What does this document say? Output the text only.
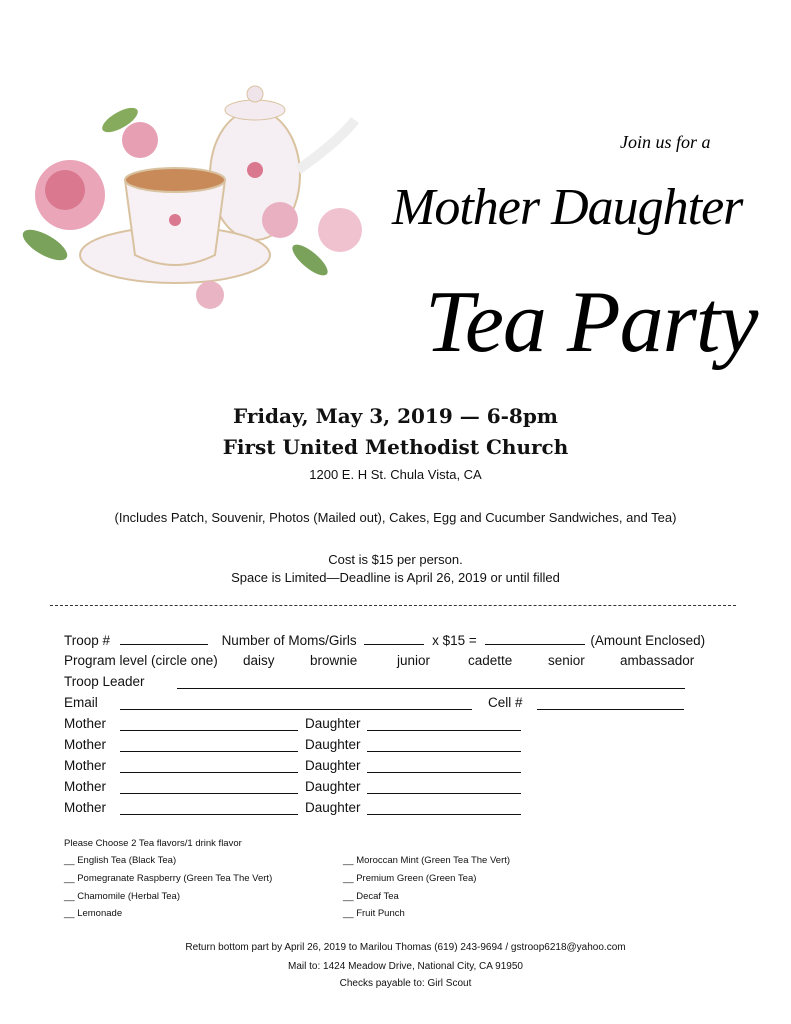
Join us for a
Mother Daughter
Tea Party
Friday, May 3, 2019 — 6-8pm
First United Methodist Church
1200 E. H St. Chula Vista, CA
(Includes Patch, Souvenir, Photos (Mailed out), Cakes, Egg and Cucumber Sandwiches, and Tea)
Cost is $15 per person.
Space is Limited—Deadline is April 26, 2019 or until filled
Troop #	Number of Moms/Girls	x $15 =	(Amount Enclosed)
Program level (circle one) daisy	brownie	junior	cadette	senior	ambassador
Troop Leader
Email	Cell #
Mother	Daughter
Mother	Daughter
Mother	Daughter
Mother	Daughter
Mother	Daughter
Please Choose 2 Tea flavors/1 drink flavor
__ English Tea (Black Tea)	__ Moroccan Mint (Green Tea The Vert)
__ Pomegranate Raspberry (Green Tea The Vert)	__ Premium Green (Green Tea)
__ Chamomile (Herbal Tea)	__ Decaf Tea
__ Lemonade	__ Fruit Punch
Return bottom part by April 26, 2019 to Marilou Thomas (619) 243-9694 / gstroop6218@yahoo.com
Mail to: 1424 Meadow Drive, National City, CA 91950
Checks payable to: Girl Scout
